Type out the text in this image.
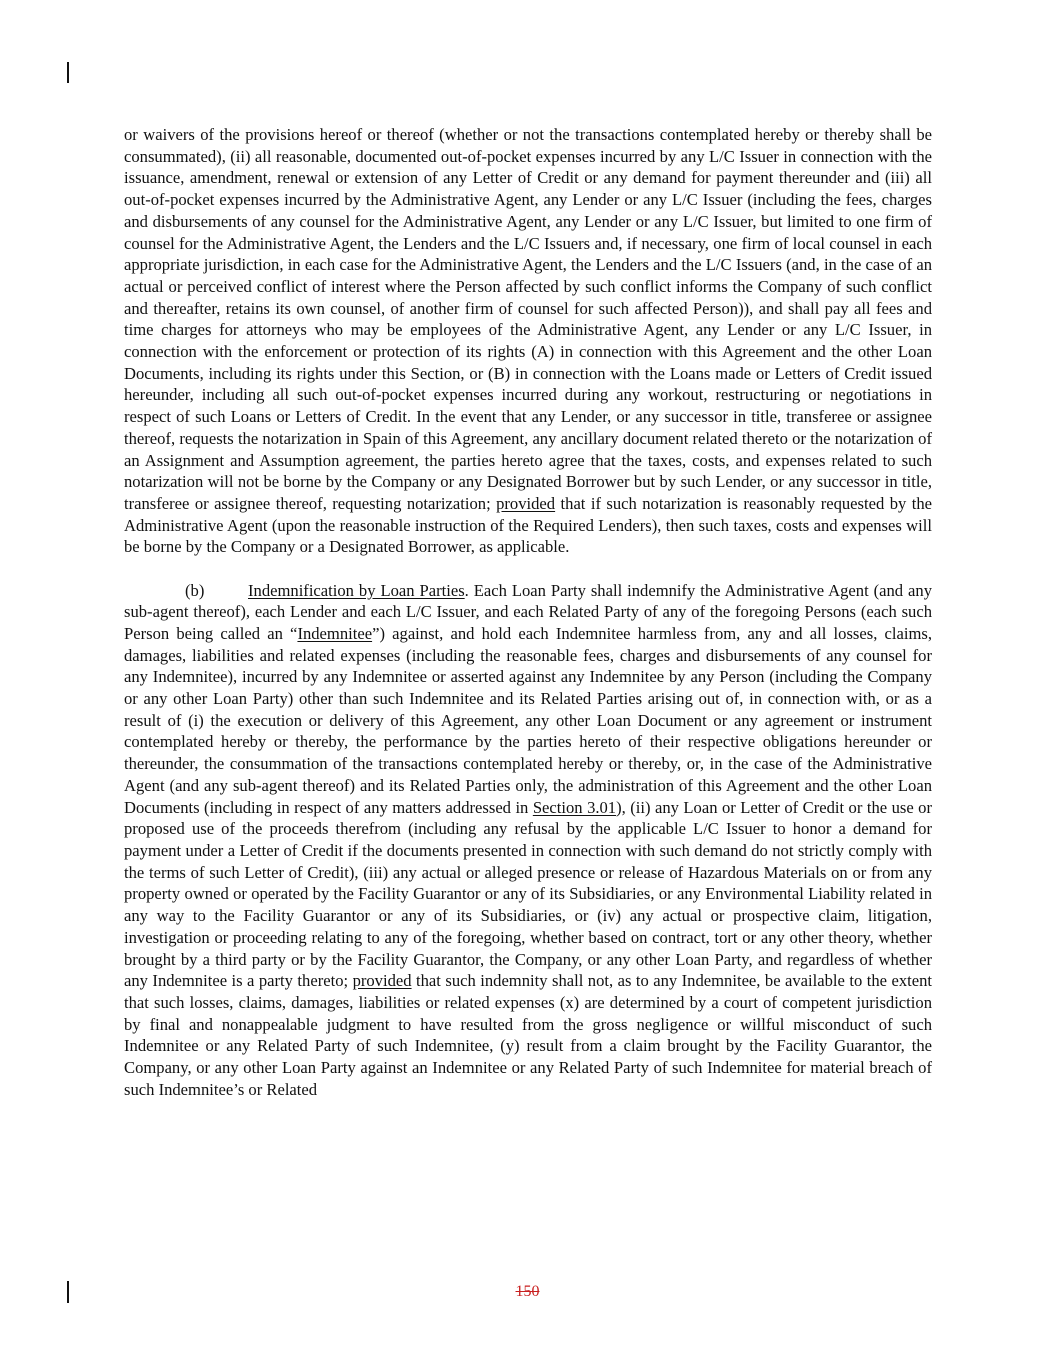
or waivers of the provisions hereof or thereof (whether or not the transactions contemplated hereby or thereby shall be consummated), (ii) all reasonable, documented out-of-pocket expenses incurred by any L/C Issuer in connection with the issuance, amendment, renewal or extension of any Letter of Credit or any demand for payment thereunder and (iii) all out-of-pocket expenses incurred by the Administrative Agent, any Lender or any L/C Issuer (including the fees, charges and disbursements of any counsel for the Administrative Agent, any Lender or any L/C Issuer, but limited to one firm of counsel for the Administrative Agent, the Lenders and the L/C Issuers and, if necessary, one firm of local counsel in each appropriate jurisdiction, in each case for the Administrative Agent, the Lenders and the L/C Issuers (and, in the case of an actual or perceived conflict of interest where the Person affected by such conflict informs the Company of such conflict and thereafter, retains its own counsel, of another firm of counsel for such affected Person)), and shall pay all fees and time charges for attorneys who may be employees of the Administrative Agent, any Lender or any L/C Issuer, in connection with the enforcement or protection of its rights (A) in connection with this Agreement and the other Loan Documents, including its rights under this Section, or (B) in connection with the Loans made or Letters of Credit issued hereunder, including all such out-of-pocket expenses incurred during any workout, restructuring or negotiations in respect of such Loans or Letters of Credit. In the event that any Lender, or any successor in title, transferee or assignee thereof, requests the notarization in Spain of this Agreement, any ancillary document related thereto or the notarization of an Assignment and Assumption agreement, the parties hereto agree that the taxes, costs, and expenses related to such notarization will not be borne by the Company or any Designated Borrower but by such Lender, or any successor in title, transferee or assignee thereof, requesting notarization; provided that if such notarization is reasonably requested by the Administrative Agent (upon the reasonable instruction of the Required Lenders), then such taxes, costs and expenses will be borne by the Company or a Designated Borrower, as applicable.

(b)	Indemnification by Loan Parties. Each Loan Party shall indemnify the Administrative Agent (and any sub-agent thereof), each Lender and each L/C Issuer, and each Related Party of any of the foregoing Persons (each such Person being called an “Indemnitee”) against, and hold each Indemnitee harmless from, any and all losses, claims, damages, liabilities and related expenses (including the reasonable fees, charges and disbursements of any counsel for any Indemnitee), incurred by any Indemnitee or asserted against any Indemnitee by any Person (including the Company or any other Loan Party) other than such Indemnitee and its Related Parties arising out of, in connection with, or as a result of (i) the execution or delivery of this Agreement, any other Loan Document or any agreement or instrument contemplated hereby or thereby, the performance by the parties hereto of their respective obligations hereunder or thereunder, the consummation of the transactions contemplated hereby or thereby, or, in the case of the Administrative Agent (and any sub-agent thereof) and its Related Parties only, the administration of this Agreement and the other Loan Documents (including in respect of any matters addressed in Section 3.01), (ii) any Loan or Letter of Credit or the use or proposed use of the proceeds therefrom (including any refusal by the applicable L/C Issuer to honor a demand for payment under a Letter of Credit if the documents presented in connection with such demand do not strictly comply with the terms of such Letter of Credit), (iii) any actual or alleged presence or release of Hazardous Materials on or from any property owned or operated by the Facility Guarantor or any of its Subsidiaries, or any Environmental Liability related in any way to the Facility Guarantor or any of its Subsidiaries, or (iv) any actual or prospective claim, litigation, investigation or proceeding relating to any of the foregoing, whether based on contract, tort or any other theory, whether brought by a third party or by the Facility Guarantor, the Company, or any other Loan Party, and regardless of whether any Indemnitee is a party thereto; provided that such indemnity shall not, as to any Indemnitee, be available to the extent that such losses, claims, damages, liabilities or related expenses (x) are determined by a court of competent jurisdiction by final and nonappealable judgment to have resulted from the gross negligence or willful misconduct of such Indemnitee or any Related Party of such Indemnitee, (y) result from a claim brought by the Facility Guarantor, the Company, or any other Loan Party against an Indemnitee or any Related Party of such Indemnitee for material breach of such Indemnitee’s or Related

150
